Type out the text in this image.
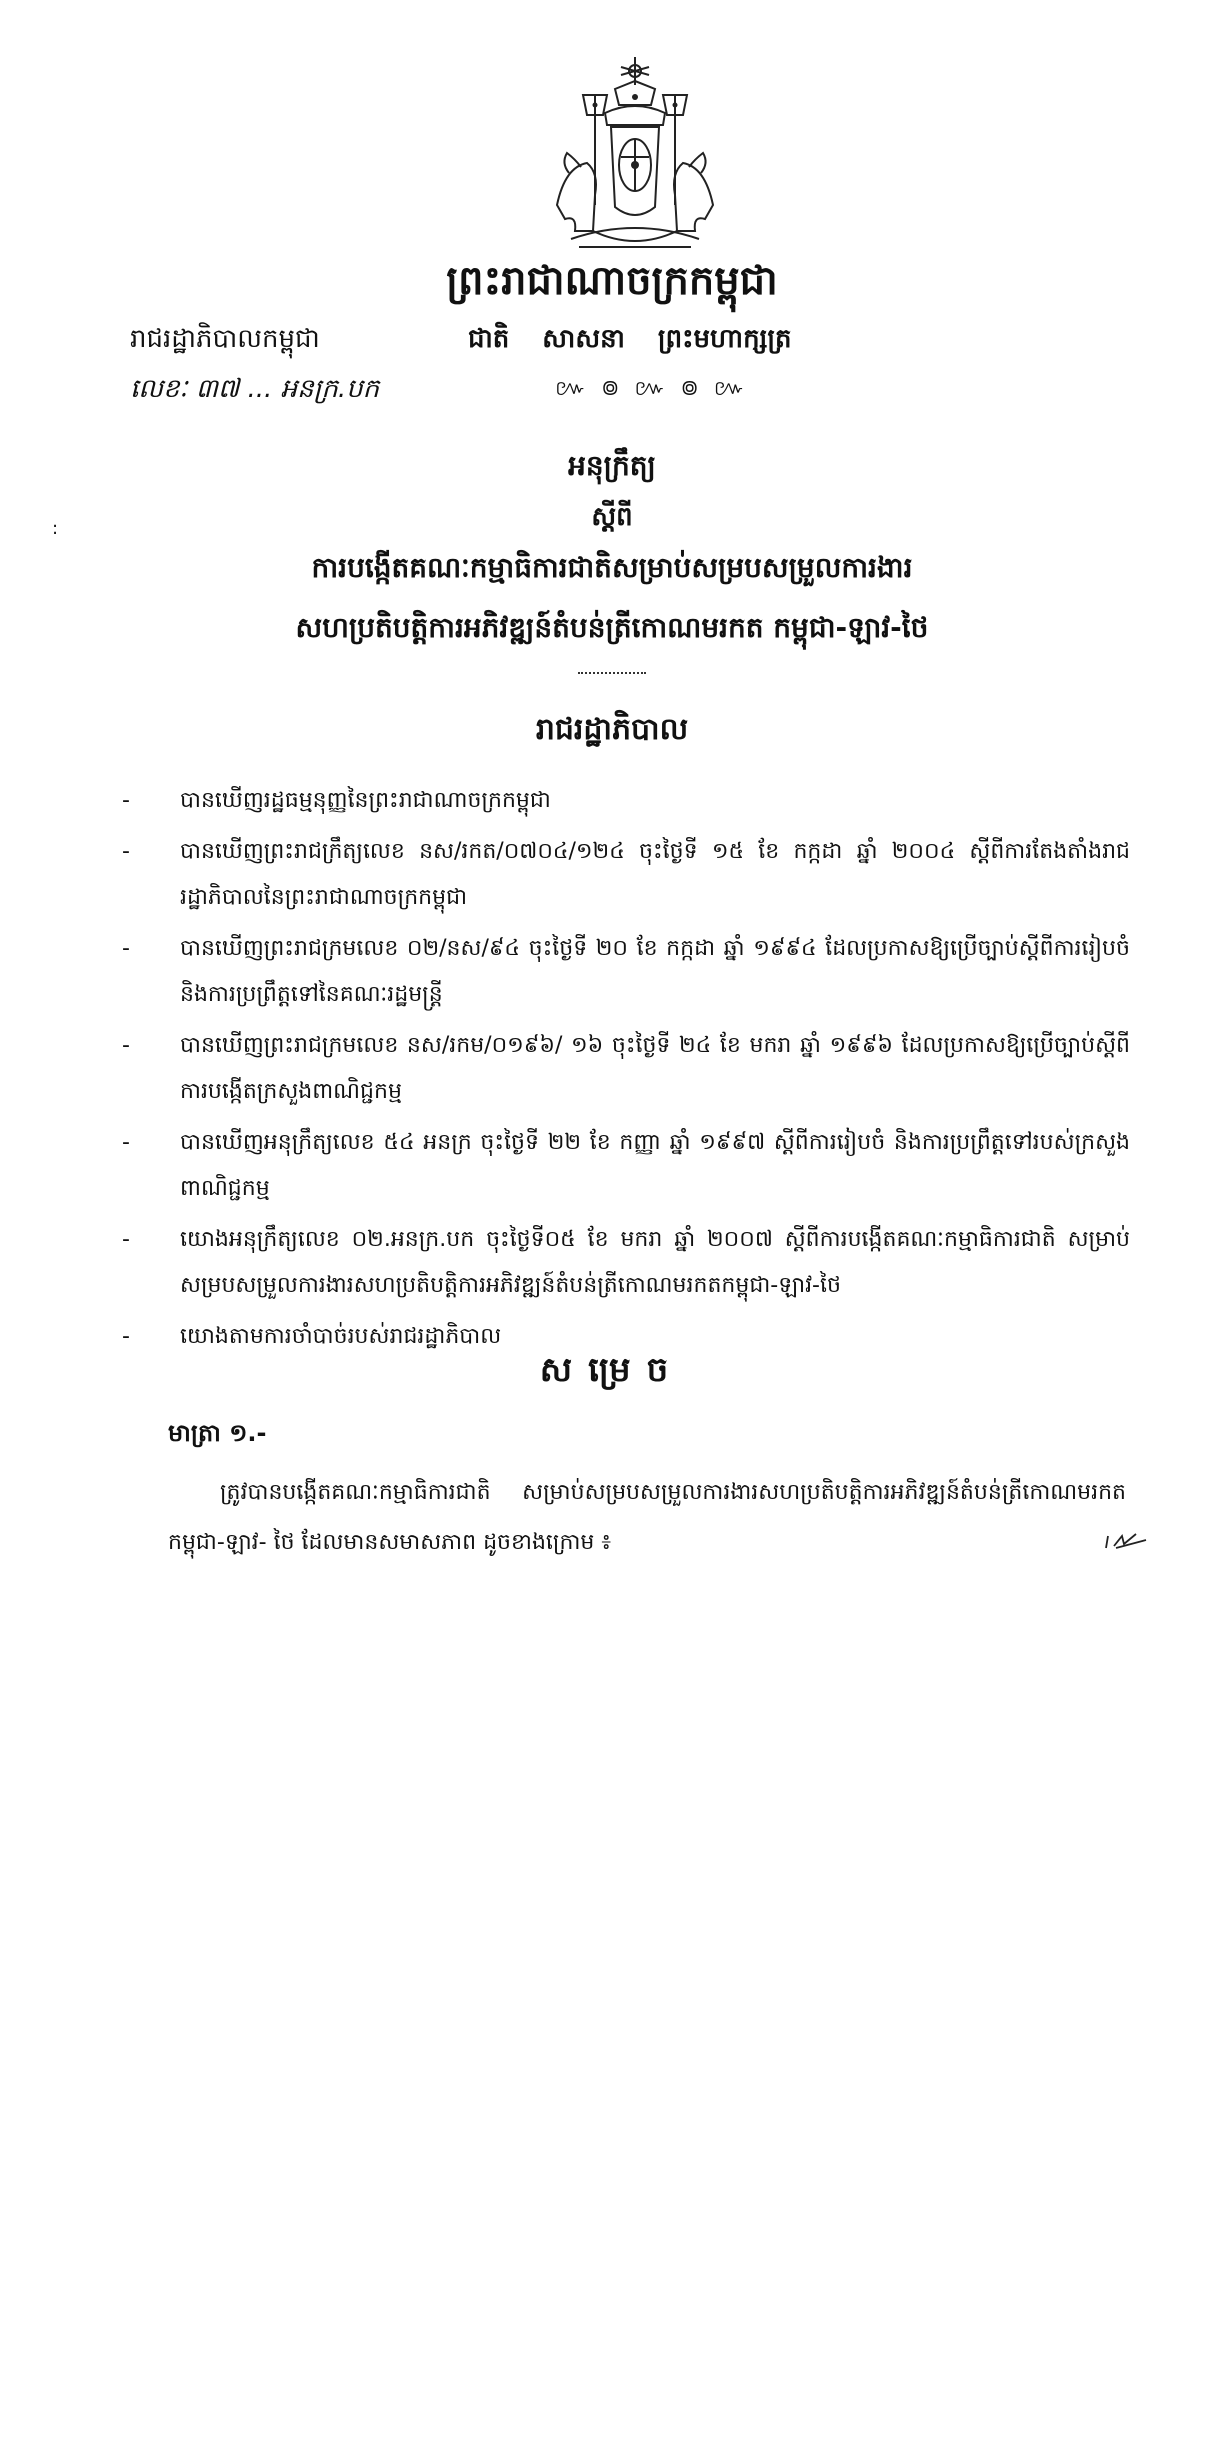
ព្រះរាជាណាចក្រកម្ពុជា
រាជរដ្ឋាភិបាលកម្ពុជា	ជាតិ សាសនា ព្រះមហាក្សត្រ
លេខៈ ៣៧ ... អនក្រ.បក	៚ ៙ ៚ ៙ ៚
:
អនុក្រឹត្យ
ស្ដីពី
ការបង្កើតគណៈកម្មាធិការជាតិសម្រាប់សម្របសម្រួលការងារ
សហប្រតិបត្តិការអភិវឌ្ឍន៍តំបន់ត្រីកោណមរកត កម្ពុជា-ឡាវ-ថៃ
រាជរដ្ឋាភិបាល
- បានឃើញរដ្ឋធម្មនុញ្ញនៃព្រះរាជាណាចក្រកម្ពុជា
- បានឃើញព្រះរាជក្រឹត្យលេខ នស/រកត/០៧០៤/១២៤ ចុះថ្ងៃទី ១៥ ខែ កក្កដា ឆ្នាំ ២០០៤ ស្ដីពីការតែងតាំងរាជរដ្ឋាភិបាលនៃព្រះរាជាណាចក្រកម្ពុជា
- បានឃើញព្រះរាជក្រមលេខ ០២/នស/៩៤ ចុះថ្ងៃទី ២០ ខែ កក្កដា ឆ្នាំ ១៩៩៤ ដែលប្រកាសឱ្យប្រើច្បាប់ស្ដីពីការរៀបចំ និងការប្រព្រឹត្តទៅនៃគណៈរដ្ឋមន្ត្រី
- បានឃើញព្រះរាជក្រមលេខ នស/រកម/០១៩៦/ ១៦ ចុះថ្ងៃទី ២៤ ខែ មករា ឆ្នាំ ១៩៩៦ ដែលប្រកាសឱ្យប្រើច្បាប់ស្ដីពីការបង្កើតក្រសួងពាណិជ្ជកម្ម
- បានឃើញអនុក្រឹត្យលេខ ៥៤ អនក្រ ចុះថ្ងៃទី ២២ ខែ កញ្ញា ឆ្នាំ ១៩៩៧ ស្ដីពីការរៀបចំ និងការប្រព្រឹត្តទៅរបស់ក្រសួងពាណិជ្ជកម្ម
- យោងអនុក្រឹត្យលេខ ០២.អនក្រ.បក ចុះថ្ងៃទី០៥ ខែ មករា ឆ្នាំ ២០០៧ ស្ដីពីការបង្កើតគណៈកម្មាធិការជាតិ សម្រាប់សម្របសម្រួលការងារសហប្រតិបត្តិការអភិវឌ្ឍន៍តំបន់ត្រីកោណមរកតកម្ពុជា-ឡាវ-ថៃ
- យោងតាមការចាំបាច់របស់រាជរដ្ឋាភិបាល
សម្រេច
មាត្រា ១.-

ត្រូវបានបង្កើតគណៈកម្មាធិការជាតិ សម្រាប់សម្របសម្រួលការងារសហប្រតិបត្តិការអភិវឌ្ឍន៍តំបន់ត្រីកោណមរកតកម្ពុជា-ឡាវ- ថៃ ដែលមានសមាសភាព ដូចខាងក្រោម ៖
